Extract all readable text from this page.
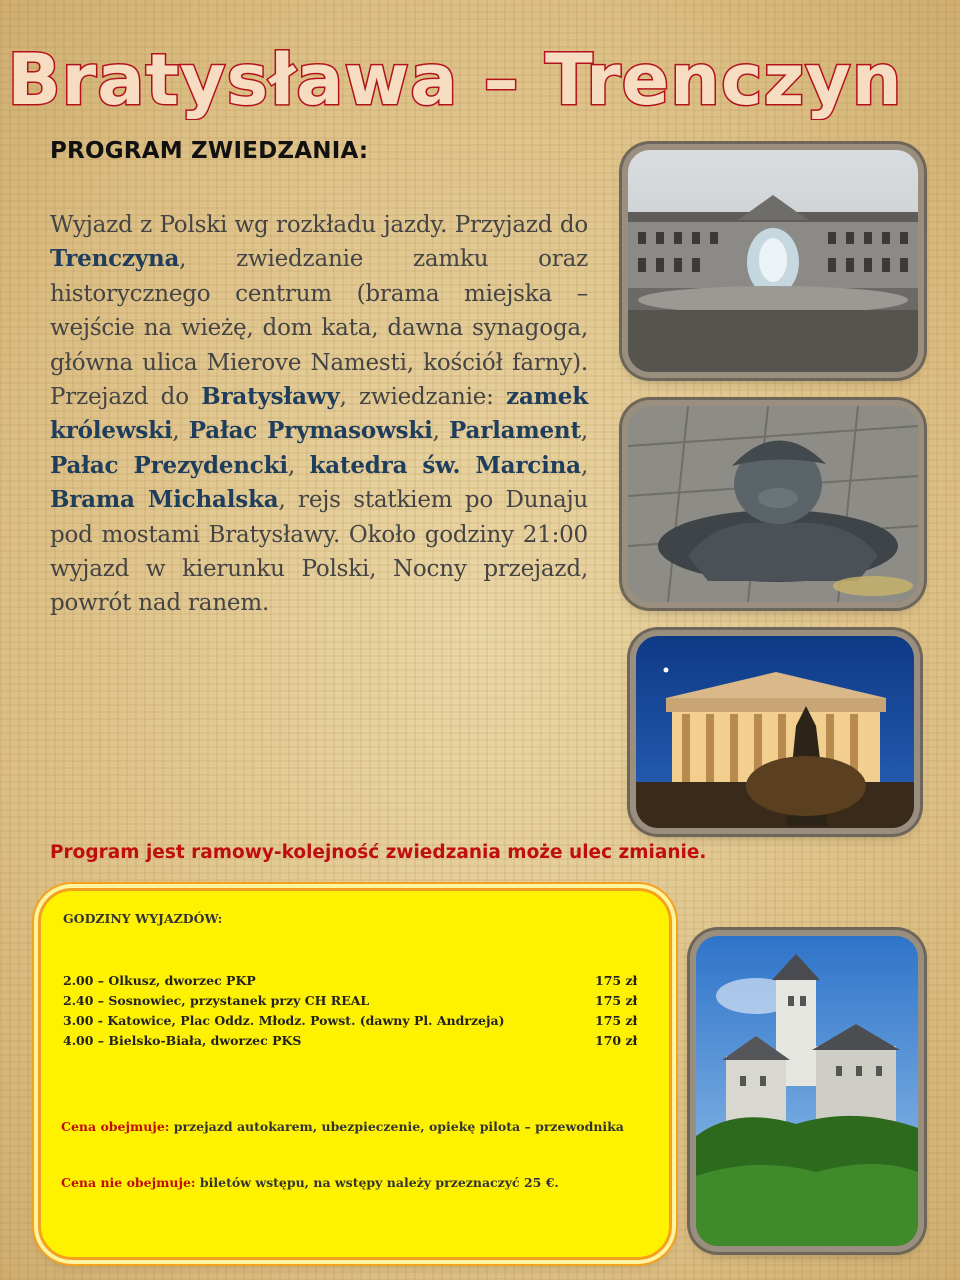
Bratysława – Trenczyn
PROGRAM ZWIEDZANIA:
Wyjazd z Polski wg rozkładu jazdy. Przyjazd do Trenczyna, zwiedzanie zamku oraz historycznego centrum (brama miejska – wejście na wieżę, dom kata, dawna synagoga, główna ulica Mierove Namesti, kościół farny). Przejazd do Bratysławy, zwiedzanie: zamek królewski, Pałac Prymasowski, Parlament, Pałac Prezydencki, katedra św. Marcina, Brama Michalska, rejs statkiem po Dunaju pod mostami Bratysławy. Około godziny 21:00 wyjazd w kierunku Polski, Nocny przejazd, powrót nad ranem.
Program jest ramowy-kolejność zwiedzania może ulec zmianie.
GODZINY WYJAZDÓW:
2.00 – Olkusz, dworzec PKP	175 zł
2.40 – Sosnowiec, przystanek przy CH REAL	175 zł
3.00 - Katowice, Plac Oddz. Młodz. Powst. (dawny Pl. Andrzeja)	175 zł
4.00 – Bielsko-Biała, dworzec PKS	170 zł
Cena obejmuje: przejazd autokarem, ubezpieczenie, opiekę pilota – przewodnika
Cena nie obejmuje: biletów wstępu, na wstępy należy przeznaczyć 25 €.
